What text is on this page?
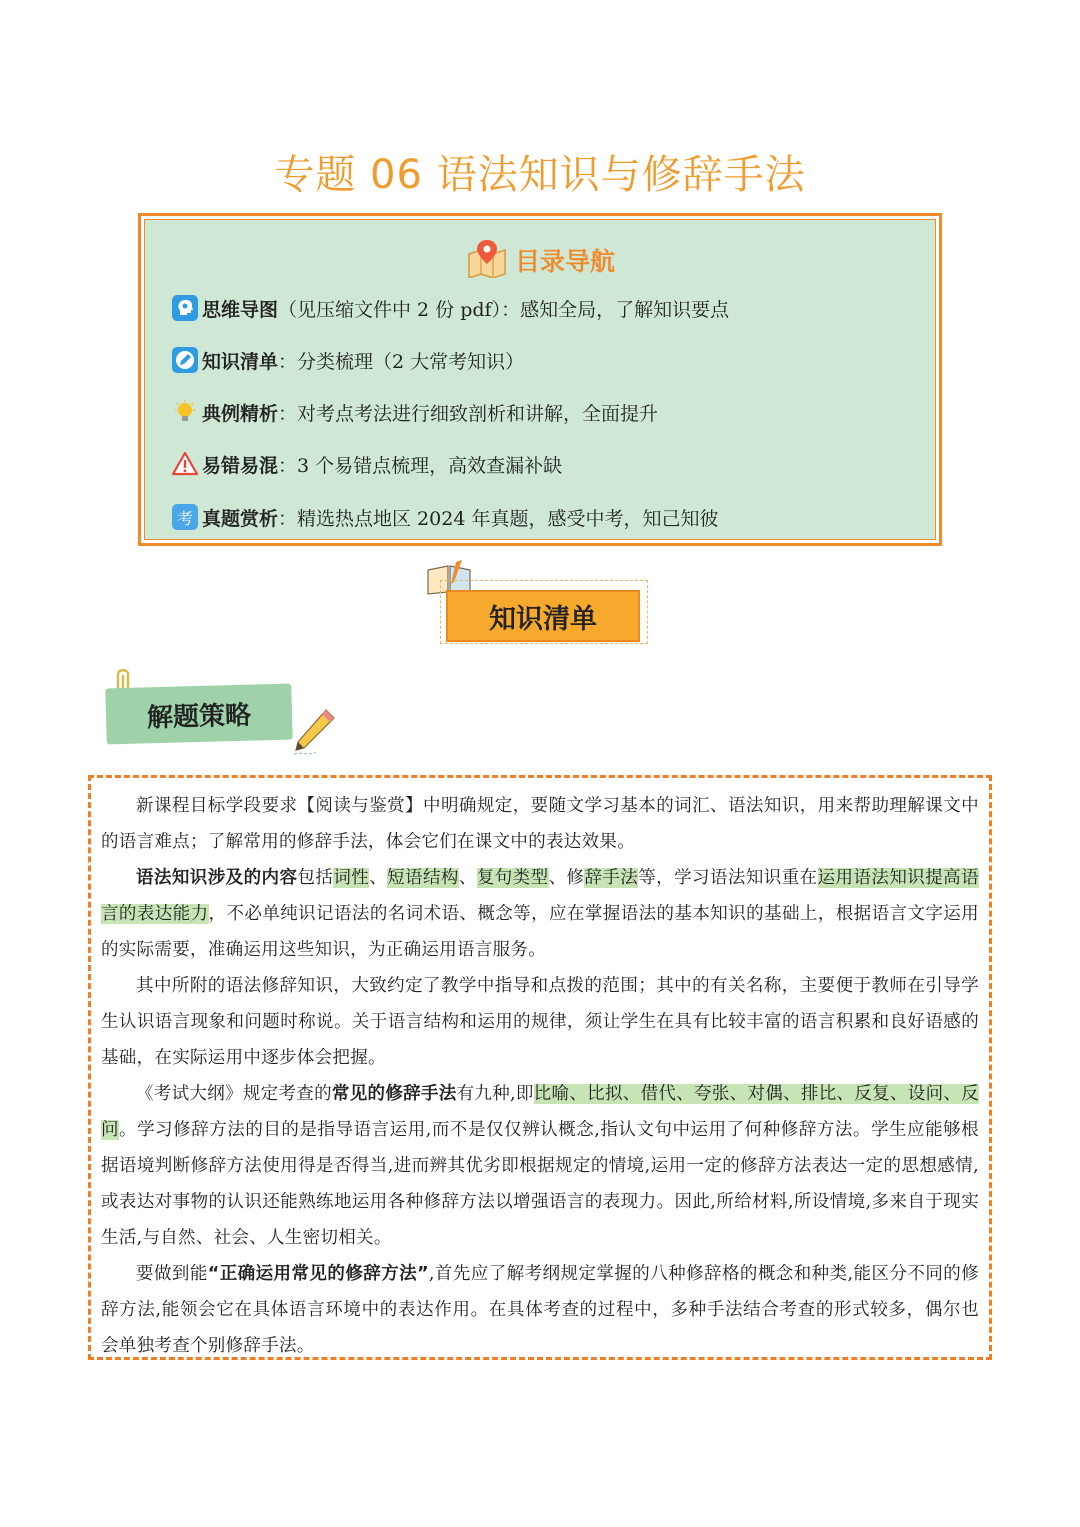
专题 06 语法知识与修辞手法
目录导航
思维导图 （见压缩文件中 2 份 pdf）：感知全局，了解知识要点
知识清单 ：分类梳理（2 大常考知识）
典例精析 ：对考点考法进行细致剖析和讲解，全面提升
易错易混 ：3 个易错点梳理，高效查漏补缺
考 真题赏析 ：精选热点地区 2024 年真题，感受中考，知己知彼
知识清单
解题策略

新课程目标学段要求【阅读与鉴赏】中明确规定，要随文学习基本的词汇、语法知识，用来帮助理解课文中的语言难点；了解常用的修辞手法，体会它们在课文中的表达效果。

语法知识涉及的内容包括词性、短语结构、复句类型、修辞手法等，学习语法知识重在运用语法知识提高语言的表达能力，不必单纯识记语法的名词术语、概念等，应在掌握语法的基本知识的基础上，根据语言文字运用的实际需要，准确运用这些知识，为正确运用语言服务。

其中所附的语法修辞知识，大致约定了教学中指导和点拨的范围；其中的有关名称，主要便于教师在引导学生认识语言现象和问题时称说。关于语言结构和运用的规律，须让学生在具有比较丰富的语言积累和良好语感的基础，在实际运用中逐步体会把握。

《考试大纲》规定考查的常见的修辞手法有九种,即比喻、比拟、借代、夸张、对偶、排比、反复、设问、反问。学习修辞方法的目的是指导语言运用,而不是仅仅辨认概念,指认文句中运用了何种修辞方法。学生应能够根据语境判断修辞方法使用得是否得当,进而辨其优劣即根据规定的情境,运用一定的修辞方法表达一定的思想感情,或表达对事物的认识还能熟练地运用各种修辞方法以增强语言的表现力。因此,所给材料,所设情境,多来自于现实生活,与自然、社会、人生密切相关。

要做到能“正确运用常见的修辞方法”,首先应了解考纲规定掌握的八种修辞格的概念和种类,能区分不同的修辞方法,能领会它在具体语言环境中的表达作用。在具体考查的过程中，多种手法结合考查的形式较多，偶尔也会单独考查个别修辞手法。
